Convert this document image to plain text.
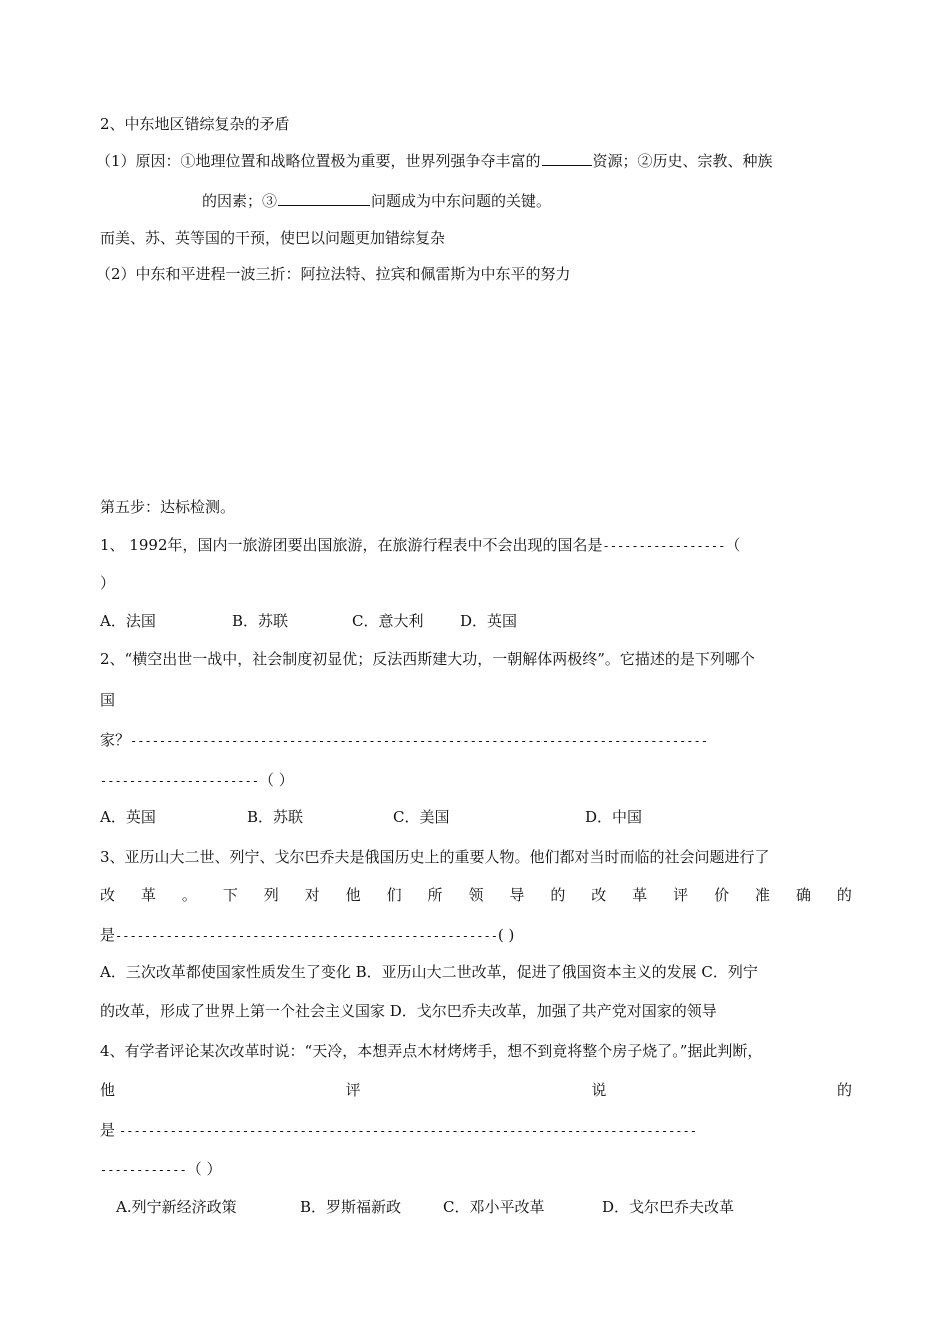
2、中东地区错综复杂的矛盾
（1）原因：①地理位置和战略位置极为重要，世界列强争夺丰富的	资源；②历史、宗教、种族
的因素；③	问题成为中东问题的关键。
而美、苏、英等国的干预，使巴以问题更加错综复杂
（2）中东和平进程一波三折：阿拉法特、拉宾和佩雷斯为中东平的努力
第五步：达标检测。
1、 1992年，国内一旅游团要出国旅游，在旅游行程表中不会出现的国名是-----------------（
）
A．法国	B．苏联	C．意大利 D．英国
2、“横空出世一战中，社会制度初显优；反法西斯建大功，一朝解体两极终”。它描述的是下列哪个
国
家？--------------------------------------------------------------------------------
----------------------（ ）
A．英国	B．苏联	C．美国	D．中国
3、亚历山大二世、列宁、戈尔巴乔夫是俄国历史上的重要人物。他们都对当时而临的社会问题进行了
改 革 。 下 列 对 他 们 所 领 导 的 改 革 评 价 准 确 的
是-----------------------------------------------------( )
A．三次改革都使国家性质发生了变化 B．亚历山大二世改革，促进了俄国资本主义的发展 C．列宁
的改革，形成了世界上第一个社会主义国家 D．戈尔巴乔夫改革，加强了共产党对国家的领导
4、有学者评论某次改革时说：“天冷，本想弄点木材烤烤手，想不到竟将整个房子烧了。”据此判断，
他	评	说	的
是 --------------------------------------------------------------------------------
------------（ ）
A.列宁新经济政策	B．罗斯福新政	C．邓小平改革	D．戈尔巴乔夫改革
